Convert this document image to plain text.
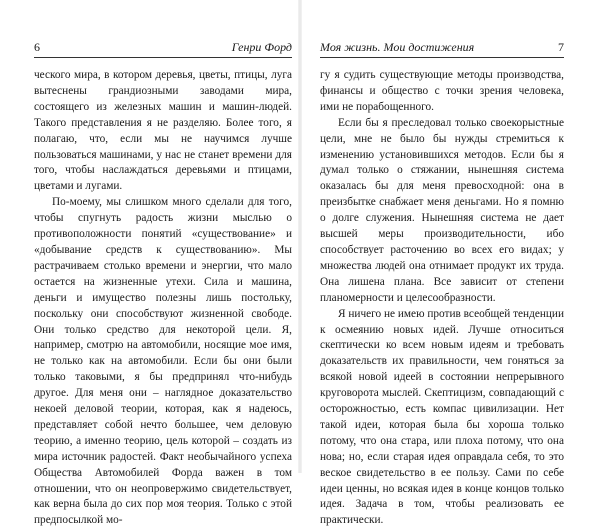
6	Генри Форд

ческого мира, в котором деревья, цветы, птицы, луга вытеснены грандиозными заводами мира, состоящего из железных машин и машин-людей. Такого представления я не разделяю. Более того, я полагаю, что, если мы не научимся лучше пользоваться машинами, у нас не станет времени для того, чтобы наслаждаться деревьями и птицами, цветами и лугами.

По-моему, мы слишком много сделали для того, чтобы спугнуть радость жизни мыслью о противоположности понятий «существование» и «добывание средств к существованию». Мы растрачиваем столько времени и энергии, что мало остается на жизненные утехи. Сила и машина, деньги и имущество полезны лишь постольку, поскольку они способствуют жизненной свободе. Они только средство для некоторой цели. Я, например, смотрю на автомобили, носящие мое имя, не только как на автомобили. Если бы они были только таковыми, я бы предпринял что-нибудь другое. Для меня они – наглядное доказательство некоей деловой теории, которая, как я надеюсь, представляет собой нечто большее, чем деловую теорию, а именно теорию, цель которой – создать из мира источник радостей. Факт необычайного успеха Общества Автомобилей Форда важен в том отношении, что он неопровержимо свидетельствует, как верна была до сих пор моя теория. Только с этой предпосылкой мо-

Моя жизнь. Мои достижения	7

гу я судить существующие методы производства, финансы и общество с точки зрения человека, ими не порабощенного.

Если бы я преследовал только своекорыстные цели, мне не было бы нужды стремиться к изменению установившихся методов. Если бы я думал только о стяжании, нынешняя система оказалась бы для меня превосходной: она в преизбытке снабжает меня деньгами. Но я помню о долге служения. Нынешняя система не дает высшей меры производительности, ибо способствует расточению во всех его видах; у множества людей она отнимает продукт их труда. Она лишена плана. Все зависит от степени планомерности и целесообразности.

Я ничего не имею против всеобщей тенденции к осмеянию новых идей. Лучше относиться скептически ко всем новым идеям и требовать доказательств их правильности, чем гоняться за всякой новой идеей в состоянии непрерывного круговорота мыслей. Скептицизм, совпадающий с осторожностью, есть компас цивилизации. Нет такой идеи, которая была бы хороша только потому, что она стара, или плоха потому, что она нова; но, если старая идея оправдала себя, то это веское свидетельство в ее пользу. Сами по себе идеи ценны, но всякая идея в конце концов только идея. Задача в том, чтобы реализовать ее практически.
